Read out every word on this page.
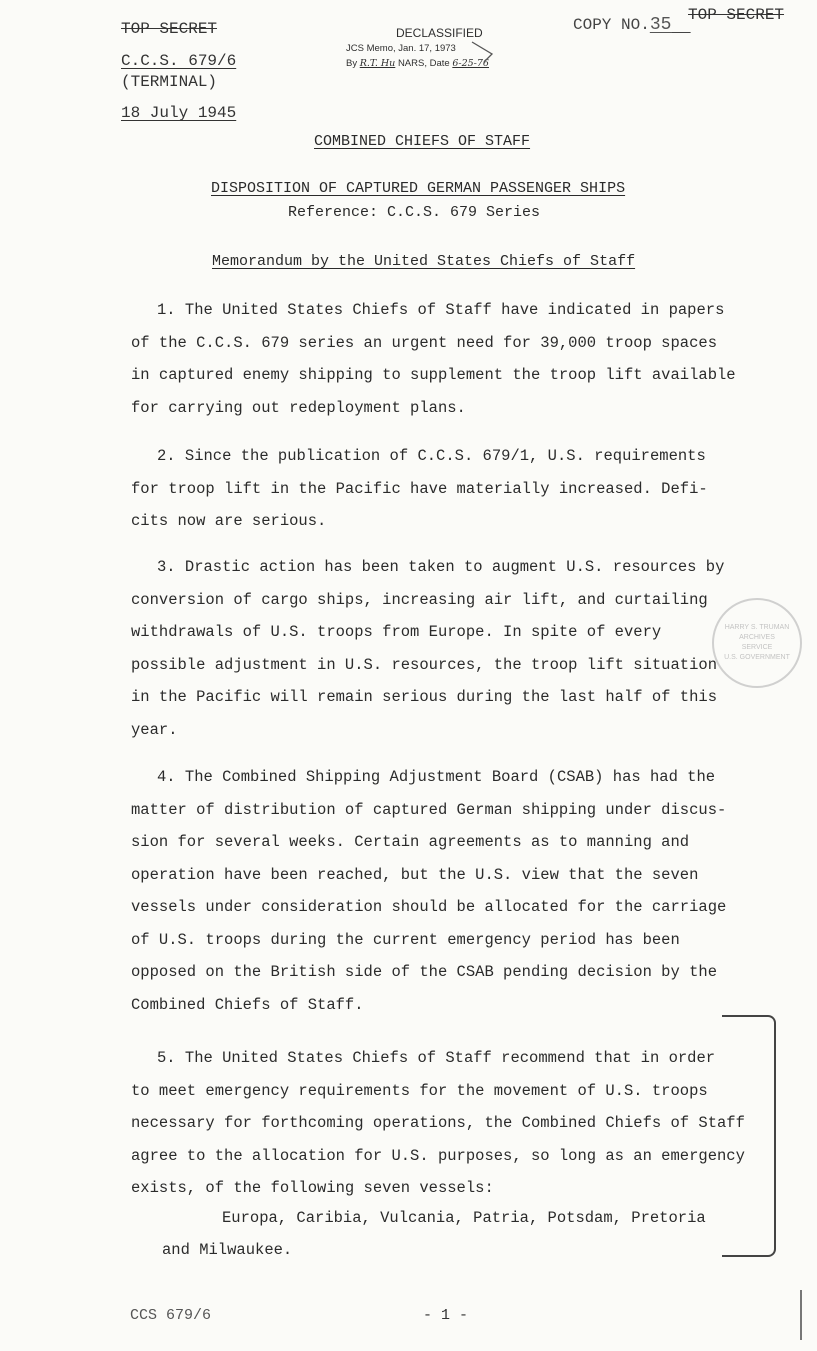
TOP SECRET
C.C.S. 679/6
(TERMINAL)
18 July 1945
DECLASSIFIED
JCS Memo, Jan. 17, 1973
By R.T. Hu NARS, Date 6-25-76
COPY NO.35	TOP SECRET
COMBINED CHIEFS OF STAFF
DISPOSITION OF CAPTURED GERMAN PASSENGER SHIPS
Reference: C.C.S. 679 Series
Memorandum by the United States Chiefs of Staff

1. The United States Chiefs of Staff have indicated in papers

of the C.C.S. 679 series an urgent need for 39,000 troop spaces

in captured enemy shipping to supplement the troop lift available

for carrying out redeployment plans.

2. Since the publication of C.C.S. 679/1, U.S. requirements

for troop lift in the Pacific have materially increased. Defi-

cits now are serious.

3. Drastic action has been taken to augment U.S. resources by

conversion of cargo ships, increasing air lift, and curtailing

withdrawals of U.S. troops from Europe. In spite of every

possible adjustment in U.S. resources, the troop lift situation

in the Pacific will remain serious during the last half of this

year.

HARRY S. TRUMAN
ARCHIVES
SERVICE
U.S. GOVERNMENT

4. The Combined Shipping Adjustment Board (CSAB) has had the

matter of distribution of captured German shipping under discus-

sion for several weeks. Certain agreements as to manning and

operation have been reached, but the U.S. view that the seven

vessels under consideration should be allocated for the carriage

of U.S. troops during the current emergency period has been

opposed on the British side of the CSAB pending decision by the

Combined Chiefs of Staff.

5. The United States Chiefs of Staff recommend that in order

to meet emergency requirements for the movement of U.S. troops

necessary for forthcoming operations, the Combined Chiefs of Staff

agree to the allocation for U.S. purposes, so long as an emergency

exists, of the following seven vessels:

Europa, Caribia, Vulcania, Patria, Potsdam, Pretoria
and Milwaukee.
CCS 679/6	- 1 -
